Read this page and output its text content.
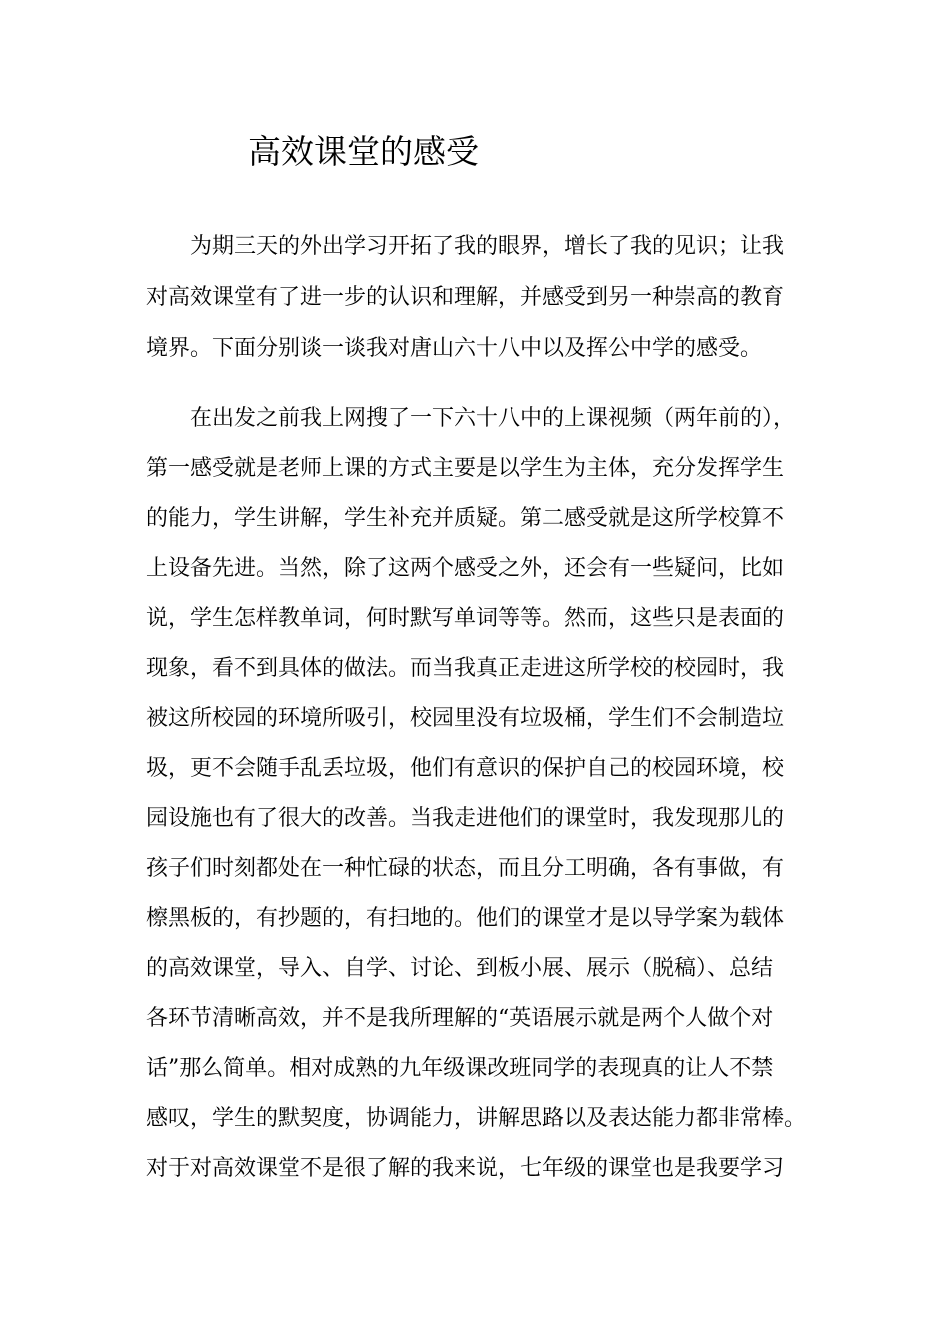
高效课堂的感受
为期三天的外出学习开拓了我的眼界，增长了我的见识；让我
对高效课堂有了进一步的认识和理解，并感受到另一种崇高的教育
境界。下面分别谈一谈我对唐山六十八中以及挥公中学的感受。
在出发之前我上网搜了一下六十八中的上课视频（两年前的），
第一感受就是老师上课的方式主要是以学生为主体，充分发挥学生
的能力，学生讲解，学生补充并质疑。第二感受就是这所学校算不
上设备先进。当然，除了这两个感受之外，还会有一些疑问，比如
说，学生怎样教单词，何时默写单词等等。然而，这些只是表面的
现象，看不到具体的做法。而当我真正走进这所学校的校园时，我
被这所校园的环境所吸引，校园里没有垃圾桶，学生们不会制造垃
圾，更不会随手乱丢垃圾，他们有意识的保护自己的校园环境，校
园设施也有了很大的改善。当我走进他们的课堂时，我发现那儿的
孩子们时刻都处在一种忙碌的状态，而且分工明确，各有事做，有
檫黑板的，有抄题的，有扫地的。他们的课堂才是以导学案为载体
的高效课堂，导入、自学、讨论、到板小展、展示（脱稿）、总结
各环节清晰高效，并不是我所理解的“英语展示就是两个人做个对
话”那么简单。相对成熟的九年级课改班同学的表现真的让人不禁
感叹，学生的默契度，协调能力，讲解思路以及表达能力都非常棒。
对于对高效课堂不是很了解的我来说，七年级的课堂也是我要学习
